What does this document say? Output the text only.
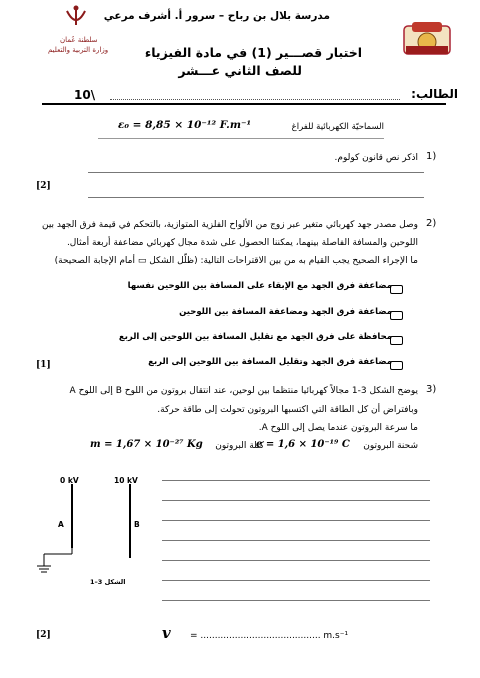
سلطنة عُمان
وزارة التربية والتعليم
مدرسة بلال بن رباح – سرور أ. أشرف مرعي
اختبار قصـــير (1) في مادة الفيزياء
للصف الثاني عـــشر
الطالب:
10\
السماحيّة الكهربائية للفراغ
ε₀ = 8,85 × 10⁻¹² F.m⁻¹
1)
اذكر نص قانون كولوم.
[2]
2)
وصل مصدر جهد كهربائي متغير عبر زوج من الألواح الفلزية المتوازية، بالتحكم في قيمة فرق الجهد بين
اللوحين والمسافة الفاصلة بينهما، يمكننا الحصول على شدة مجال كهربائي مضاعفة أربعة أمثال.
ما الإجراء الصحيح يجب القيام به من بين الاقتراحات التالية: (ظلّل الشكل ▭ أمام الإجابة الصحيحة)
مضاعفة فرق الجهد مع الإبقاء على المسافة بين اللوحين نفسها
مضاعفة فرق الجهد ومضاعفة المسافة بين اللوحين
محافظة على فرق الجهد مع تقليل المسافة بين اللوحين إلى الربع
مضاعفة فرق الجهد وتقليل المسافة بين اللوحين إلى الربع
[1]
3)
يوضح الشكل 3-1 مجالاً كهربائيا منتظما بين لوحين، عند انتقال بروتون من اللوح B إلى اللوح A
وبافتراض أن كل الطاقة التي اكتسبها البروتون تحولت إلى طاقة حركة.
ما سرعة البروتون عندما يصل إلى اللوح A.
شحنة البروتون
e = 1,6 × 10⁻¹⁹ C
كتلة البروتون
m = 1,67 × 10⁻²⁷ Kg
0 kV	10 kV
A	B
الشكل 3–1
v = .......................................... m.s⁻¹
[2]
